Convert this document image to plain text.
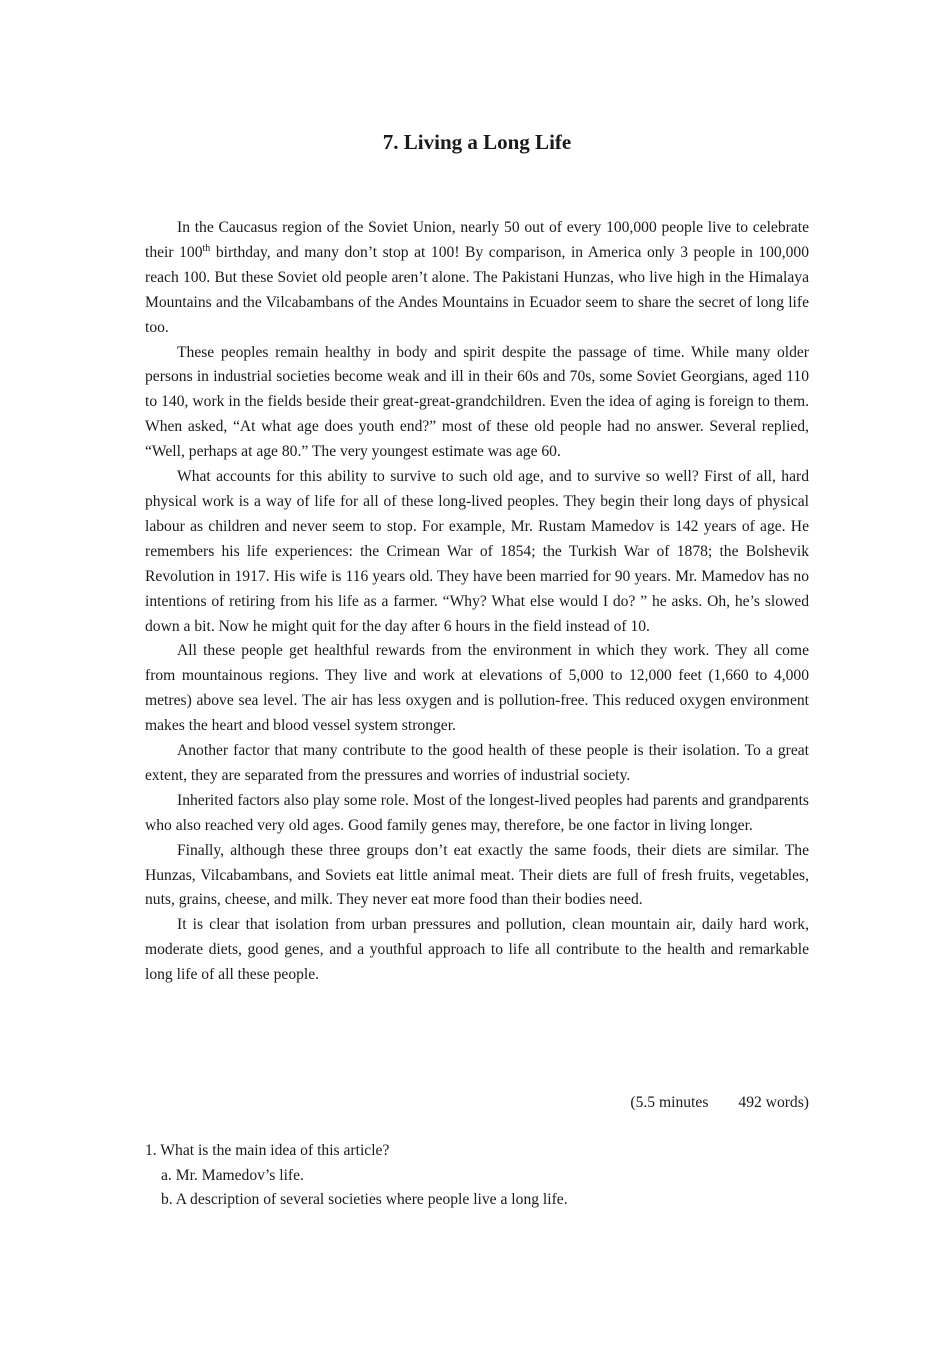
7. Living a Long Life

In the Caucasus region of the Soviet Union, nearly 50 out of every 100,000 people live to celebrate their 100th birthday, and many don’t stop at 100! By comparison, in America only 3 people in 100,000 reach 100. But these Soviet old people aren’t alone. The Pakistani Hunzas, who live high in the Himalaya Mountains and the Vilcabambans of the Andes Mountains in Ecuador seem to share the secret of long life too.

These peoples remain healthy in body and spirit despite the passage of time. While many older persons in industrial societies become weak and ill in their 60s and 70s, some Soviet Georgians, aged 110 to 140, work in the fields beside their great-great-grandchildren. Even the idea of aging is foreign to them. When asked, “At what age does youth end?” most of these old people had no answer. Several replied, “Well, perhaps at age 80.” The very youngest estimate was age 60.

What accounts for this ability to survive to such old age, and to survive so well? First of all, hard physical work is a way of life for all of these long-lived peoples. They begin their long days of physical labour as children and never seem to stop. For example, Mr. Rustam Mamedov is 142 years of age. He remembers his life experiences: the Crimean War of 1854; the Turkish War of 1878; the Bolshevik Revolution in 1917. His wife is 116 years old. They have been married for 90 years. Mr. Mamedov has no intentions of retiring from his life as a farmer. “Why? What else would I do? ” he asks. Oh, he’s slowed down a bit. Now he might quit for the day after 6 hours in the field instead of 10.

All these people get healthful rewards from the environment in which they work. They all come from mountainous regions. They live and work at elevations of 5,000 to 12,000 feet (1,660 to 4,000 metres) above sea level. The air has less oxygen and is pollution-free. This reduced oxygen environment makes the heart and blood vessel system stronger.

Another factor that many contribute to the good health of these people is their isolation. To a great extent, they are separated from the pressures and worries of industrial society.

Inherited factors also play some role. Most of the longest-lived peoples had parents and grandparents who also reached very old ages. Good family genes may, therefore, be one factor in living longer.

Finally, although these three groups don’t eat exactly the same foods, their diets are similar. The Hunzas, Vilcabambans, and Soviets eat little animal meat. Their diets are full of fresh fruits, vegetables, nuts, grains, cheese, and milk. They never eat more food than their bodies need.

It is clear that isolation from urban pressures and pollution, clean mountain air, daily hard work, moderate diets, good genes, and a youthful approach to life all contribute to the health and remarkable long life of all these people.

(5.5 minutes 492 words)

1. What is the main idea of this article?

a. Mr. Mamedov’s life.

b. A description of several societies where people live a long life.
